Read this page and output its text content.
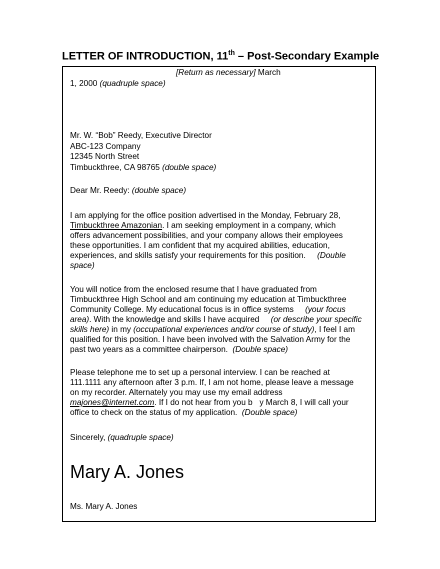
LETTER OF INTRODUCTION, 11th – Post-Secondary Example
[Return as necessary] March
1, 2000 (quadruple space)
Mr. W. “Bob” Reedy, Executive Director
ABC-123 Company
12345 North Street
Timbuckthree, CA 98765 (double space)
Dear Mr. Reedy: (double space)
I am applying for the office position advertised in the Monday, February 28,
Timbuckthree Amazonian. I am seeking employment in a company, which
offers advancement possibilities, and your company allows their employees
these opportunities. I am confident that my acquired abilities, education,
experiences, and skills satisfy your requirements for this position.     (Double
space)
You will notice from the enclosed resume that I have graduated from
Timbuckthree High School and am continuing my education at Timbuckthree
Community College. My educational focus is in office systems     (your focus
area). With the knowledge and skills I have acquired     (or describe your specific
skills here) in my (occupational experiences and/or course of study), I feel I am
qualified for this position. I have been involved with the Salvation Army for the
past two years as a committee chairperson.  (Double space)
Please telephone me to set up a personal interview. I can be reached at
111.1111 any afternoon after 3 p.m. If, I am not home, please leave a message
on my recorder. Alternately you may use my email address
majones@internet.com. If I do not hear from you b   y March 8, I will call your
office to check on the status of my application.  (Double space)
Sincerely, (quadruple space)
Mary A. Jones
Ms. Mary A. Jones
